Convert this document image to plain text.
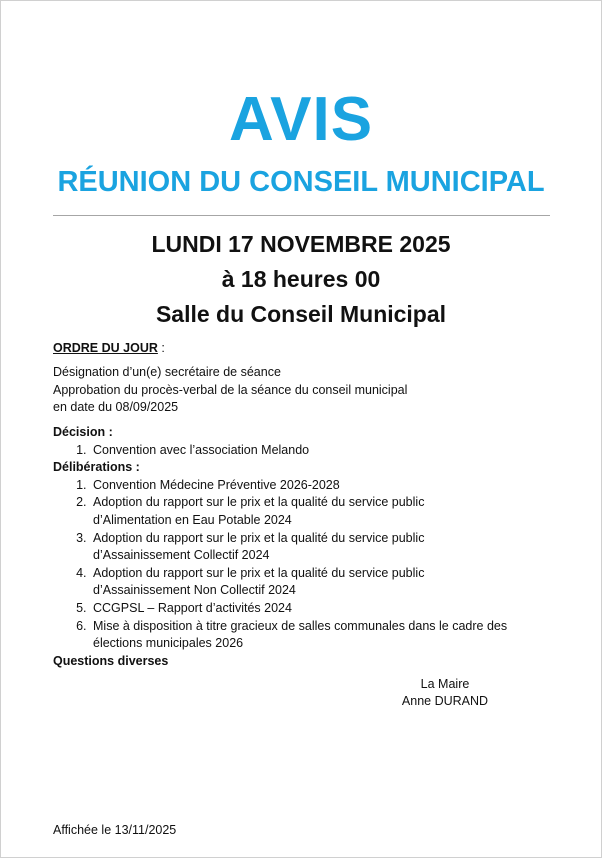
AVIS
RÉUNION DU CONSEIL MUNICIPAL
LUNDI 17 NOVEMBRE 2025
à 18 heures 00
Salle du Conseil Municipal
ORDRE DU JOUR :
Désignation d’un(e) secrétaire de séance
Approbation du procès-verbal de la séance du conseil municipal
en date du 08/09/2025
Décision :
1. Convention avec l’association Melando
Délibérations :
1. Convention Médecine Préventive 2026-2028
2. Adoption du rapport sur le prix et la qualité du service public
d’Alimentation en Eau Potable 2024
3. Adoption du rapport sur le prix et la qualité du service public
d’Assainissement Collectif 2024
4. Adoption du rapport sur le prix et la qualité du service public
d’Assainissement Non Collectif 2024
5. CCGPSL – Rapport d’activités 2024
6. Mise à disposition à titre gracieux de salles communales dans le cadre des
élections municipales 2026
Questions diverses
La Maire
Anne DURAND
Affichée le 13/11/2025
